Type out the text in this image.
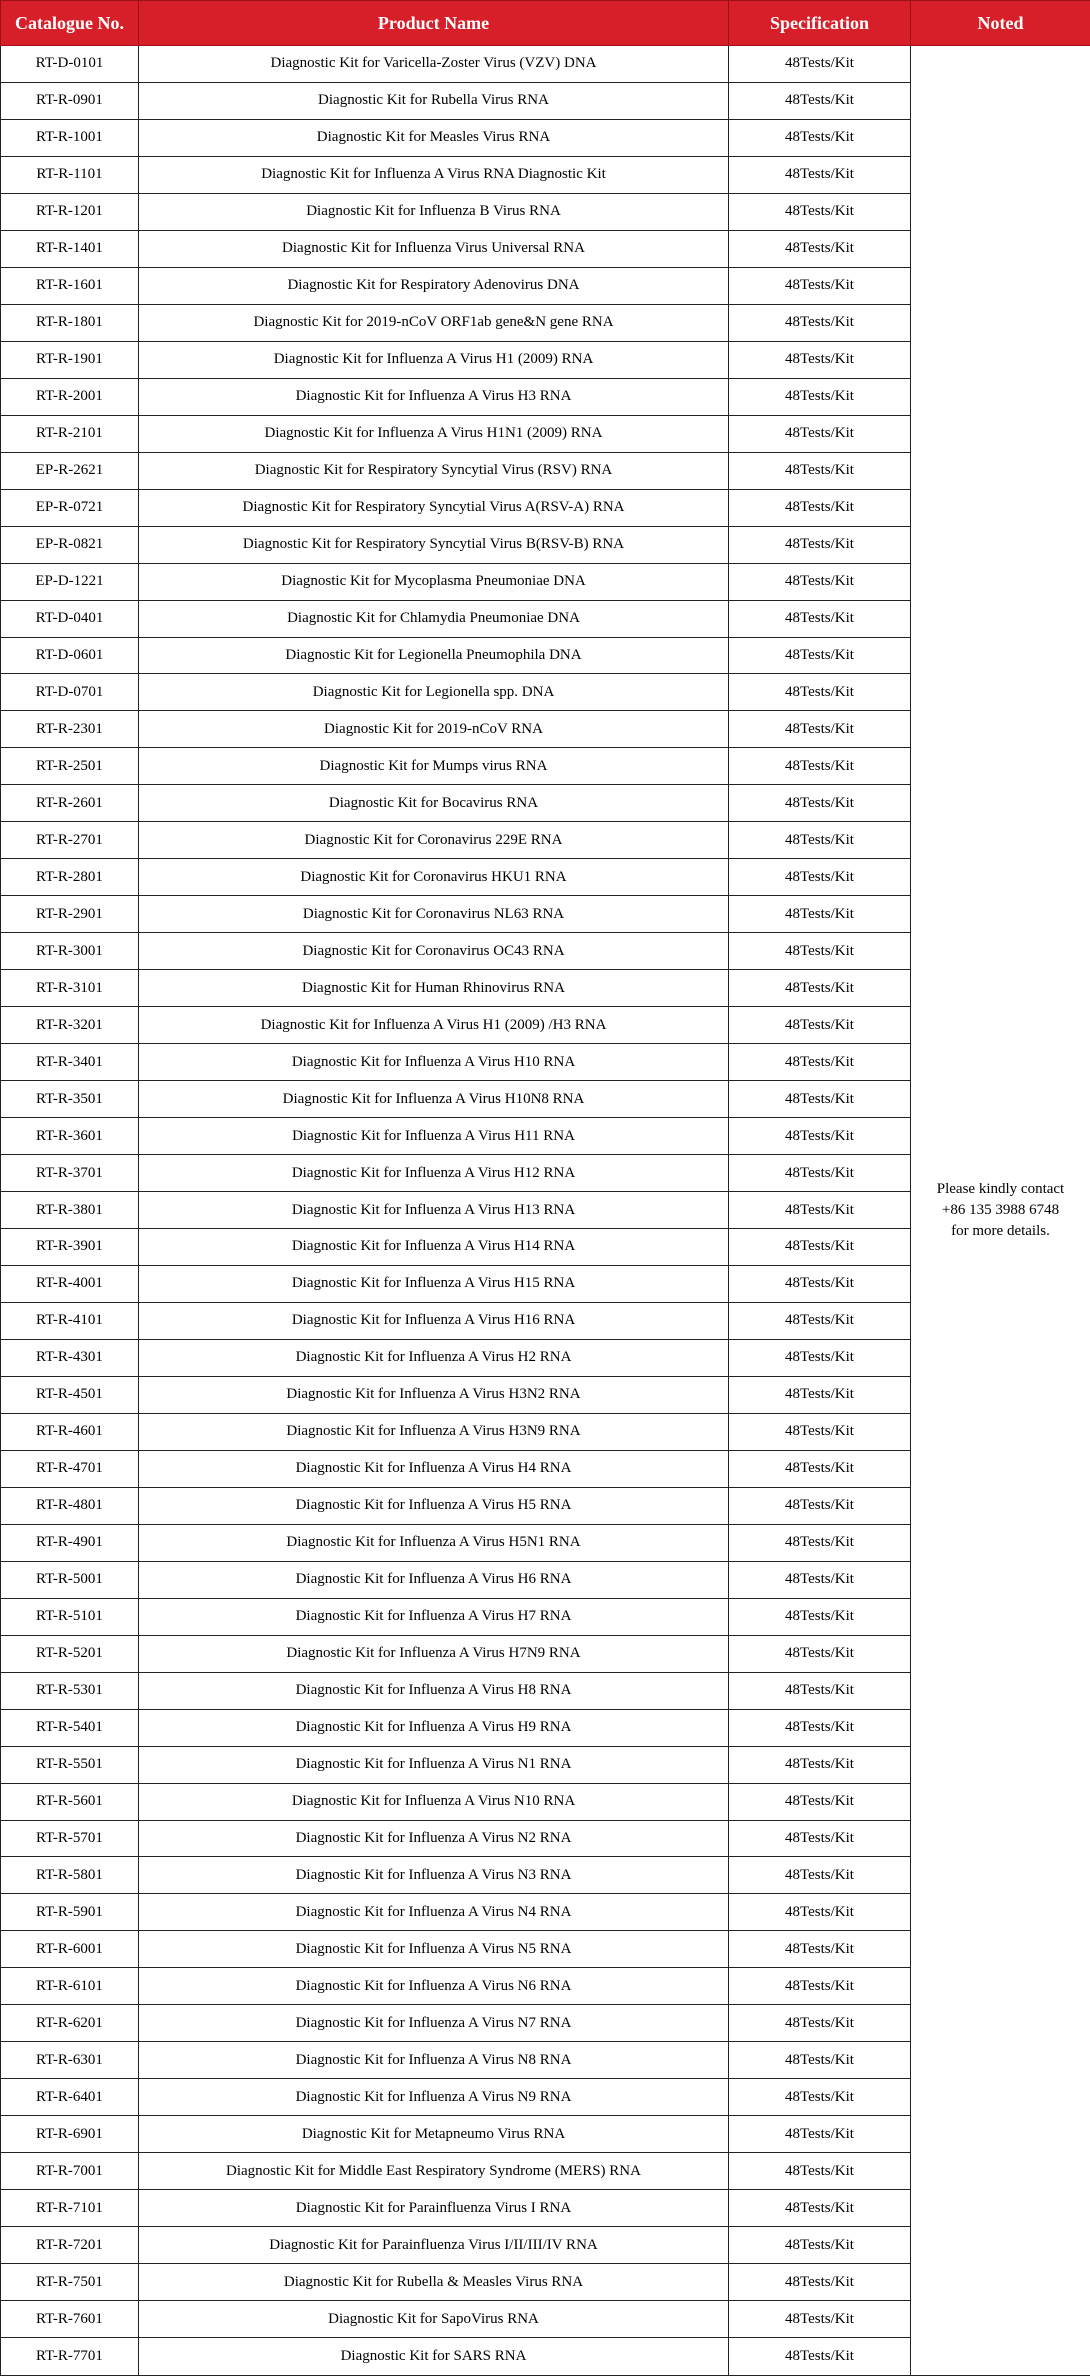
Catalogue No.	Product Name	Specification	Noted
RT-D-0101	Diagnostic Kit for Varicella-Zoster Virus (VZV) DNA	48Tests/Kit	Please kindly contact
+86 135 3988 6748
for more details.

RT-R-0901	Diagnostic Kit for Rubella Virus RNA	48Tests/Kit	
RT-R-1001	Diagnostic Kit for Measles Virus RNA	48Tests/Kit	
RT-R-1101	Diagnostic Kit for Influenza A Virus RNA Diagnostic Kit	48Tests/Kit	
RT-R-1201	Diagnostic Kit for Influenza B Virus RNA	48Tests/Kit	
RT-R-1401	Diagnostic Kit for Influenza Virus Universal RNA	48Tests/Kit	
RT-R-1601	Diagnostic Kit for Respiratory Adenovirus DNA	48Tests/Kit	
RT-R-1801	Diagnostic Kit for 2019-nCoV ORF1ab gene&N gene RNA	48Tests/Kit	
RT-R-1901	Diagnostic Kit for Influenza A Virus H1 (2009) RNA	48Tests/Kit	
RT-R-2001	Diagnostic Kit for Influenza A Virus H3 RNA	48Tests/Kit	
RT-R-2101	Diagnostic Kit for Influenza A Virus H1N1 (2009) RNA	48Tests/Kit	
EP-R-2621	Diagnostic Kit for Respiratory Syncytial Virus (RSV) RNA	48Tests/Kit	
EP-R-0721	Diagnostic Kit for Respiratory Syncytial Virus A(RSV-A) RNA	48Tests/Kit	
EP-R-0821	Diagnostic Kit for Respiratory Syncytial Virus B(RSV-B) RNA	48Tests/Kit	
EP-D-1221	Diagnostic Kit for Mycoplasma Pneumoniae DNA	48Tests/Kit	
RT-D-0401	Diagnostic Kit for Chlamydia Pneumoniae DNA	48Tests/Kit	
RT-D-0601	Diagnostic Kit for Legionella Pneumophila DNA	48Tests/Kit	
RT-D-0701	Diagnostic Kit for Legionella spp. DNA	48Tests/Kit	
RT-R-2301	Diagnostic Kit for 2019-nCoV RNA	48Tests/Kit	
RT-R-2501	Diagnostic Kit for Mumps virus RNA	48Tests/Kit	
RT-R-2601	Diagnostic Kit for Bocavirus RNA	48Tests/Kit	
RT-R-2701	Diagnostic Kit for Coronavirus 229E RNA	48Tests/Kit	
RT-R-2801	Diagnostic Kit for Coronavirus HKU1 RNA	48Tests/Kit	
RT-R-2901	Diagnostic Kit for Coronavirus NL63 RNA	48Tests/Kit	
RT-R-3001	Diagnostic Kit for Coronavirus OC43 RNA	48Tests/Kit	
RT-R-3101	Diagnostic Kit for Human Rhinovirus RNA	48Tests/Kit	
RT-R-3201	Diagnostic Kit for Influenza A Virus H1 (2009) /H3 RNA	48Tests/Kit	
RT-R-3401	Diagnostic Kit for Influenza A Virus H10 RNA	48Tests/Kit	
RT-R-3501	Diagnostic Kit for Influenza A Virus H10N8 RNA	48Tests/Kit	
RT-R-3601	Diagnostic Kit for Influenza A Virus H11 RNA	48Tests/Kit	
RT-R-3701	Diagnostic Kit for Influenza A Virus H12 RNA	48Tests/Kit	
RT-R-3801	Diagnostic Kit for Influenza A Virus H13 RNA	48Tests/Kit	
RT-R-3901	Diagnostic Kit for Influenza A Virus H14 RNA	48Tests/Kit	
RT-R-4001	Diagnostic Kit for Influenza A Virus H15 RNA	48Tests/Kit	
RT-R-4101	Diagnostic Kit for Influenza A Virus H16 RNA	48Tests/Kit	
RT-R-4301	Diagnostic Kit for Influenza A Virus H2 RNA	48Tests/Kit	
RT-R-4501	Diagnostic Kit for Influenza A Virus H3N2 RNA	48Tests/Kit	
RT-R-4601	Diagnostic Kit for Influenza A Virus H3N9 RNA	48Tests/Kit	
RT-R-4701	Diagnostic Kit for Influenza A Virus H4 RNA	48Tests/Kit	
RT-R-4801	Diagnostic Kit for Influenza A Virus H5 RNA	48Tests/Kit	
RT-R-4901	Diagnostic Kit for Influenza A Virus H5N1 RNA	48Tests/Kit	
RT-R-5001	Diagnostic Kit for Influenza A Virus H6 RNA	48Tests/Kit	
RT-R-5101	Diagnostic Kit for Influenza A Virus H7 RNA	48Tests/Kit	
RT-R-5201	Diagnostic Kit for Influenza A Virus H7N9 RNA	48Tests/Kit	
RT-R-5301	Diagnostic Kit for Influenza A Virus H8 RNA	48Tests/Kit	
RT-R-5401	Diagnostic Kit for Influenza A Virus H9 RNA	48Tests/Kit	
RT-R-5501	Diagnostic Kit for Influenza A Virus N1 RNA	48Tests/Kit	
RT-R-5601	Diagnostic Kit for Influenza A Virus N10 RNA	48Tests/Kit	
RT-R-5701	Diagnostic Kit for Influenza A Virus N2 RNA	48Tests/Kit	
RT-R-5801	Diagnostic Kit for Influenza A Virus N3 RNA	48Tests/Kit	
RT-R-5901	Diagnostic Kit for Influenza A Virus N4 RNA	48Tests/Kit	
RT-R-6001	Diagnostic Kit for Influenza A Virus N5 RNA	48Tests/Kit	
RT-R-6101	Diagnostic Kit for Influenza A Virus N6 RNA	48Tests/Kit	
RT-R-6201	Diagnostic Kit for Influenza A Virus N7 RNA	48Tests/Kit	
RT-R-6301	Diagnostic Kit for Influenza A Virus N8 RNA	48Tests/Kit	
RT-R-6401	Diagnostic Kit for Influenza A Virus N9 RNA	48Tests/Kit	
RT-R-6901	Diagnostic Kit for Metapneumo Virus RNA	48Tests/Kit	
RT-R-7001	Diagnostic Kit for Middle East Respiratory Syndrome (MERS) RNA	48Tests/Kit	
RT-R-7101	Diagnostic Kit for Parainfluenza Virus I RNA	48Tests/Kit	
RT-R-7201	Diagnostic Kit for Parainfluenza Virus I/II/III/IV RNA	48Tests/Kit	
RT-R-7501	Diagnostic Kit for Rubella & Measles Virus RNA	48Tests/Kit	
RT-R-7601	Diagnostic Kit for SapoVirus RNA	48Tests/Kit	
RT-R-7701	Diagnostic Kit for SARS RNA	48Tests/Kit	
